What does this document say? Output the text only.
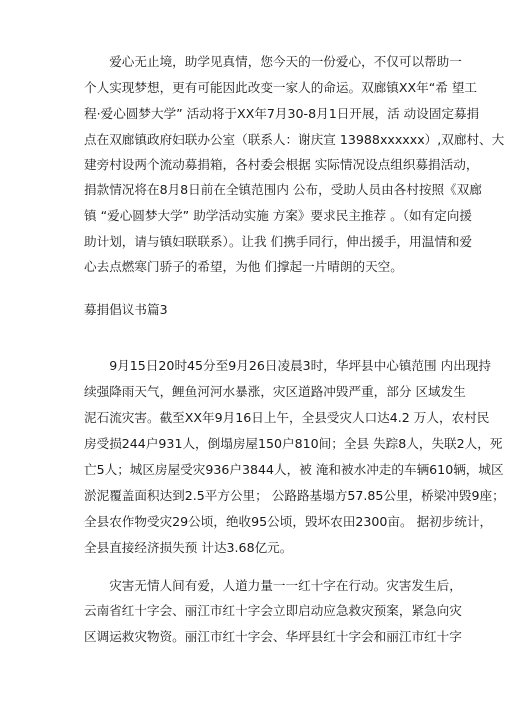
　　爱心无止境，助学见真情，您今天的一份爱心，不仅可以帮助一
个人实现梦想，更有可能因此改变一家人的命运。双廊镇XX年“希 望工
程·爱心圆梦大学” 活动将于XX年7月30-8月1日开展，活 动设固定募捐
点在双廊镇政府妇联办公室（联系人：谢庆宣 13988xxxxxx）,双廊村、大
建旁村设两个流动募捐箱，各村委会根据 实际情况设点组织募捐活动，
捐款情况将在8月8日前在全镇范围内 公布，受助人员由各村按照《双廊
镇 “爱心圆梦大学” 助学活动实施 方案》要求民主推荐 。（如有定向援
助计划，请与镇妇联联系）。让我 们携手同行，伸出援手，用温情和爱
心去点燃寒门骄子的希望，为他 们撑起一片晴朗的天空。
募捐倡议书篇3
　　9月15日20时45分至9月26日凌晨3时，华坪县中心镇范围 内出现持
续强降雨天气，鲤鱼河河水暴涨，灾区道路冲毁严重，部分 区域发生
泥石流灾害。截至XX年9月16日上午，全县受灾人口达4.2 万人，农村民
房受损244户931人，倒塌房屋150户810间；全县 失踪8人，失联2人，死
亡5人；城区房屋受灾936户3844人，被 淹和被水冲走的车辆610辆，城区
淤泥覆盖面积达到2.5平方公里； 公路路基塌方57.85公里，桥梁冲毁9座；
全县农作物受灾29公顷，绝收95公顷，毁坏农田2300亩。 据初步统计，
全县直接经济损失预 计达3.68亿元。
　　灾害无情人间有爱，人道力量一一红十字在行动。灾害发生后，
云南省红十字会、丽江市红十字会立即启动应急救灾预案，紧急向灾
区调运救灾物资。丽江市红十字会、华坪县红十字会和丽江市红十字
